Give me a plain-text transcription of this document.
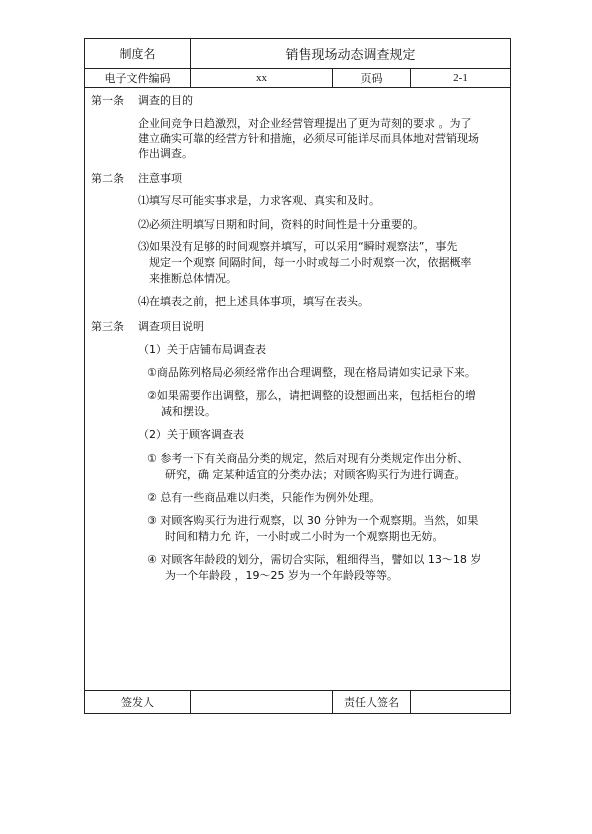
制度名	销售现场动态调查规定
电子文件编码	xx	页码	2-1
第一条 调查的目的
企业间竞争日趋激烈，对企业经营管理提出了更为苛刻的要求 。为了
建立确实可靠的经营方针和措施，必须尽可能详尽而具体地对营销现场
作出调查。
第二条 注意事项
⑴填写尽可能实事求是，力求客观、真实和及时。
⑵必须注明填写日期和时间，资料的时间性是十分重要的。
⑶如果没有足够的时间观察并填写，可以采用“瞬时观察法”，事先
规定一个观察 间隔时间，每一小时或每二小时观察一次，依据概率
来推断总体情况。
⑷在填表之前，把上述具体事项，填写在表头。
第三条 调查项目说明
（1）关于店铺布局调查表
①商品陈列格局必须经常作出合理调整，现在格局请如实记录下来。
②如果需要作出调整，那么，请把调整的设想画出来，包括柜台的增
减和摆设。
（2）关于顾客调查表
① 参考一下有关商品分类的规定，然后对现有分类规定作出分析、
研究，确 定某种适宜的分类办法；对顾客购买行为进行调查。
② 总有一些商品难以归类，只能作为例外处理。
③ 对顾客购买行为进行观察，以 30 分钟为一个观察期。当然，如果
时间和精力允 许，一小时或二小时为一个观察期也无妨。
④ 对顾客年龄段的划分，需切合实际，粗细得当，譬如以 13～18 岁
为一个年龄段 ，19～25 岁为一个年龄段等等。
签发人	责任人签名
